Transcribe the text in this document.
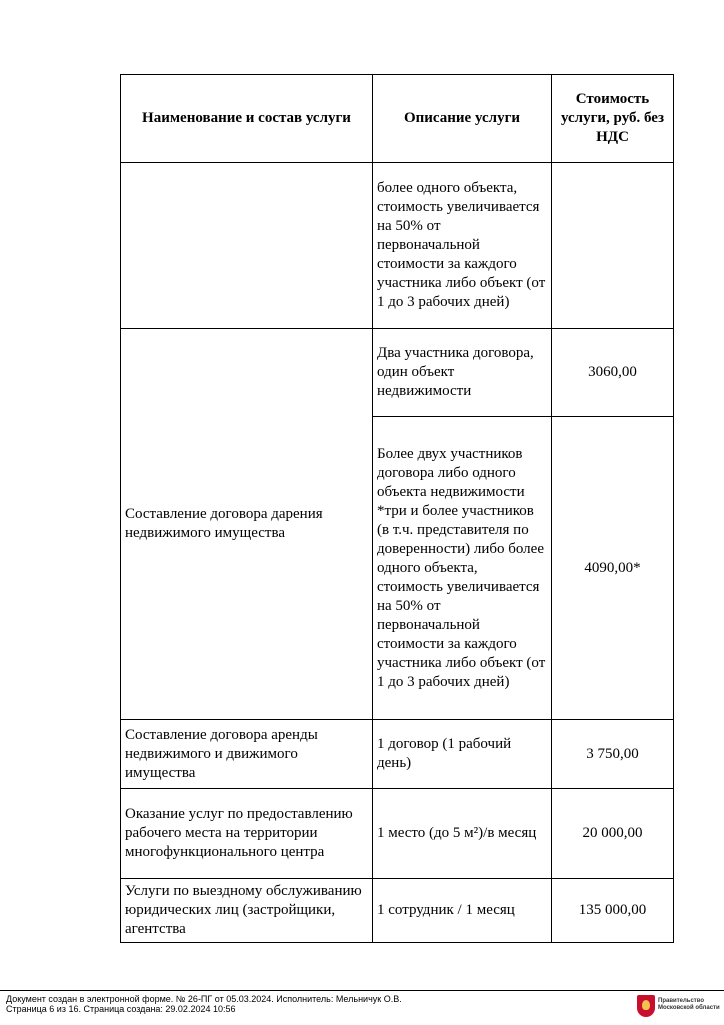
Наименование и состав услуги	Описание услуги	Стоимость услуги, руб. без НДС
	более одного объекта, стоимость увеличивается на 50% от первоначальной стоимости за каждого участника либо объект (от 1 до 3 рабочих дней)	
Составление договора дарения недвижимого имущества	Два участника договора, один объект недвижимости	3060,00
	Более двух участников договора либо одного объекта недвижимости *три и более участников (в т.ч. представителя по доверенности) либо более одного объекта, стоимость увеличивается на 50% от первоначальной стоимости за каждого участника либо объект (от 1 до 3 рабочих дней)	4090,00*
Составление договора аренды недвижимого и движимого имущества	1 договор (1 рабочий день)	3 750,00
Оказание услуг по предоставлению рабочего места на территории многофункционального центра	1 место (до 5 м²)/в месяц	20 000,00
Услуги по выездному обслуживанию юридических лиц (застройщики, агентства	1 сотрудник / 1 месяц	135 000,00
Документ создан в электронной форме. № 26-ПГ от 05.03.2024. Исполнитель: Мельничук О.В.
Страница 6 из 16. Страница создана: 29.02.2024 10:56
Правительство Московской области
